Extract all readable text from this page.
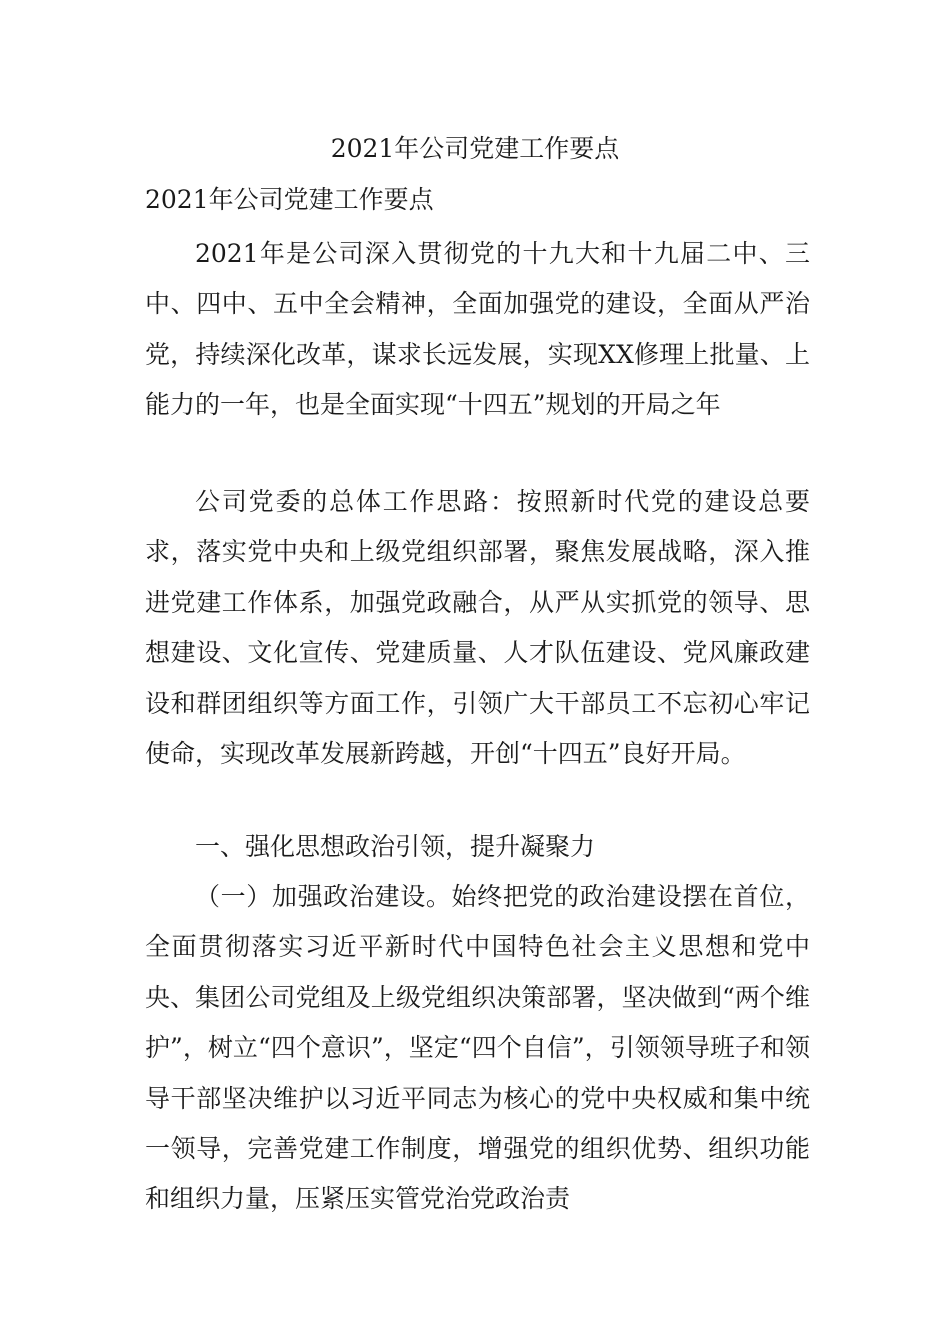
2021年公司党建工作要点
2021年公司党建工作要点

2021年是公司深入贯彻党的十九大和十九届二中、三中、四中、五中全会精神，全面加强党的建设，全面从严治党，持续深化改革，谋求长远发展，实现XX修理上批量、上能力的一年，也是全面实现“十四五”规划的开局之年

公司党委的总体工作思路：按照新时代党的建设总要求，落实党中央和上级党组织部署，聚焦发展战略，深入推进党建工作体系，加强党政融合，从严从实抓党的领导、思想建设、文化宣传、党建质量、人才队伍建设、党风廉政建设和群团组织等方面工作，引领广大干部员工不忘初心牢记使命，实现改革发展新跨越，开创“十四五”良好开局。

一、强化思想政治引领，提升凝聚力

（一）加强政治建设。始终把党的政治建设摆在首位，全面贯彻落实习近平新时代中国特色社会主义思想和党中央、集团公司党组及上级党组织决策部署，坚决做到“两个维护”，树立“四个意识”，坚定“四个自信”，引领领导班子和领导干部坚决维护以习近平同志为核心的党中央权威和集中统一领导，完善党建工作制度，增强党的组织优势、组织功能和组织力量，压紧压实管党治党政治责
